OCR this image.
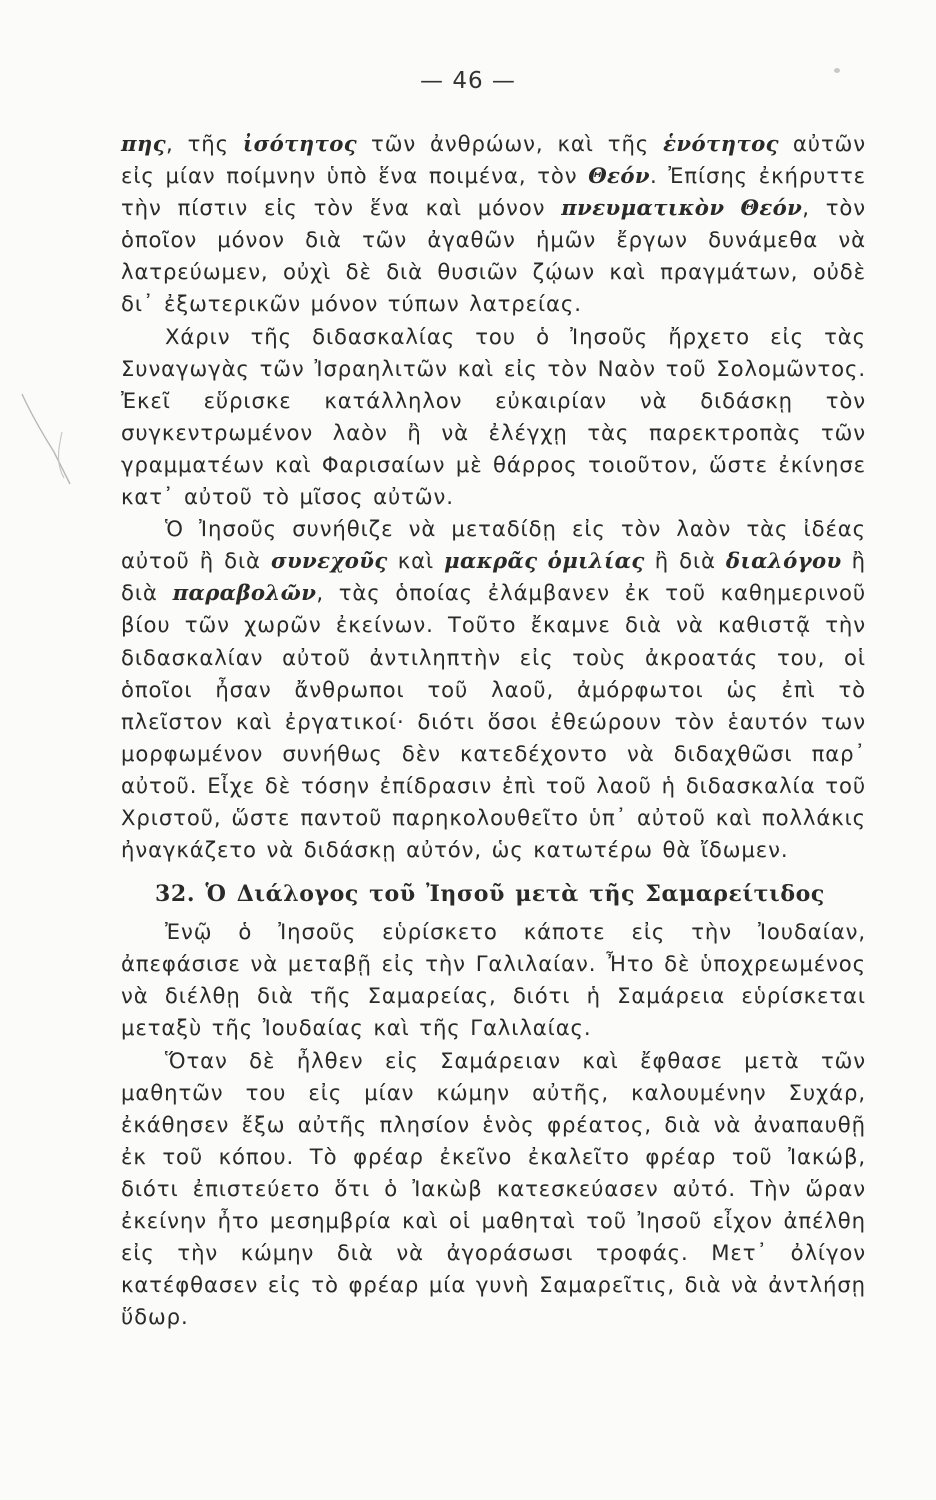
— 46 —

πης, τῆς ἰσότητος τῶν ἀνθρώων, καὶ τῆς ἑνότητος αὐτῶν εἰς μίαν ποίμνην ὑπὸ ἕνα ποιμένα, τὸν Θεόν. Ἐπίσης ἐκήρυττε τὴν πίστιν εἰς τὸν ἕνα καὶ μόνον πνευματικὸν Θεόν, τὸν ὁποῖον μόνον διὰ τῶν ἀγαθῶν ἡμῶν ἔργων δυνάμεθα νὰ λατρεύωμεν, οὐχὶ δὲ διὰ θυσιῶν ζῴων καὶ πραγμάτων, οὐδὲ δι᾿ ἐξωτερικῶν μόνον τύπων λατρείας.

Χάριν τῆς διδασκαλίας του ὁ Ἰησοῦς ἤρχετο εἰς τὰς Συναγωγὰς τῶν Ἰσραηλιτῶν καὶ εἰς τὸν Ναὸν τοῦ Σολομῶντος. Ἐκεῖ εὕρισκε κατάλληλον εὐκαιρίαν νὰ διδάσκῃ τὸν συγκεντρωμένον λαὸν ἢ νὰ ἐλέγχῃ τὰς παρεκτροπὰς τῶν γραμματέων καὶ Φαρισαίων μὲ θάρρος τοιοῦτον, ὥστε ἐκίνησε κατ᾿ αὐτοῦ τὸ μῖσος αὐτῶν.

Ὁ Ἰησοῦς συνήθιζε νὰ μεταδίδῃ εἰς τὸν λαὸν τὰς ἰδέας αὐτοῦ ἢ διὰ συνεχοῦς καὶ μακρᾶς ὁμιλίας ἢ διὰ διαλόγου ἢ διὰ παραβολῶν, τὰς ὁποίας ἐλάμβανεν ἐκ τοῦ καθημερινοῦ βίου τῶν χωρῶν ἐκείνων. Τοῦτο ἔκαμνε διὰ νὰ καθιστᾷ τὴν διδασκαλίαν αὐτοῦ ἀντιληπτὴν εἰς τοὺς ἀκροατάς του, οἱ ὁποῖοι ἦσαν ἄνθρωποι τοῦ λαοῦ, ἀμόρφωτοι ὡς ἐπὶ τὸ πλεῖστον καὶ ἐργατικοί· διότι ὅσοι ἐθεώρουν τὸν ἑαυτόν των μορφωμένον συνήθως δὲν κατεδέχοντο νὰ διδαχθῶσι παρ᾿ αὐτοῦ. Εἶχε δὲ τόσην ἐπίδρασιν ἐπὶ τοῦ λαοῦ ἡ διδασκαλία τοῦ Χριστοῦ, ὥστε παντοῦ παρηκολουθεῖτο ὑπ᾿ αὐτοῦ καὶ πολλάκις ἠναγκάζετο νὰ διδάσκῃ αὐτόν, ὡς κατωτέρω θὰ ἴδωμεν.

32. Ὁ Διάλογος τοῦ Ἰησοῦ μετὰ τῆς Σαμαρείτιδος

Ἐνῷ ὁ Ἰησοῦς εὑρίσκετο κάποτε εἰς τὴν Ἰουδαίαν, ἀπεφάσισε νὰ μεταβῇ εἰς τὴν Γαλιλαίαν. Ἦτο δὲ ὑποχρεωμένος νὰ διέλθῃ διὰ τῆς Σαμαρείας, διότι ἡ Σαμάρεια εὑρίσκεται μεταξὺ τῆς Ἰουδαίας καὶ τῆς Γαλιλαίας.

Ὅταν δὲ ἦλθεν εἰς Σαμάρειαν καὶ ἔφθασε μετὰ τῶν μαθητῶν του εἰς μίαν κώμην αὐτῆς, καλουμένην Συχάρ, ἐκάθησεν ἔξω αὐτῆς πλησίον ἑνὸς φρέατος, διὰ νὰ ἀναπαυθῇ ἐκ τοῦ κόπου. Τὸ φρέαρ ἐκεῖνο ἐκαλεῖτο φρέαρ τοῦ Ἰακώβ, διότι ἐπιστεύετο ὅτι ὁ Ἰακὼβ κατεσκεύασεν αὐτό. Τὴν ὥραν ἐκείνην ἦτο μεσημβρία καὶ οἱ μαθηταὶ τοῦ Ἰησοῦ εἶχον ἀπέλθη εἰς τὴν κώμην διὰ νὰ ἀγοράσωσι τροφάς. Μετ᾿ ὀλίγον κατέφθασεν εἰς τὸ φρέαρ μία γυνὴ Σαμαρεῖτις, διὰ νὰ ἀντλήσῃ ὕδωρ.
